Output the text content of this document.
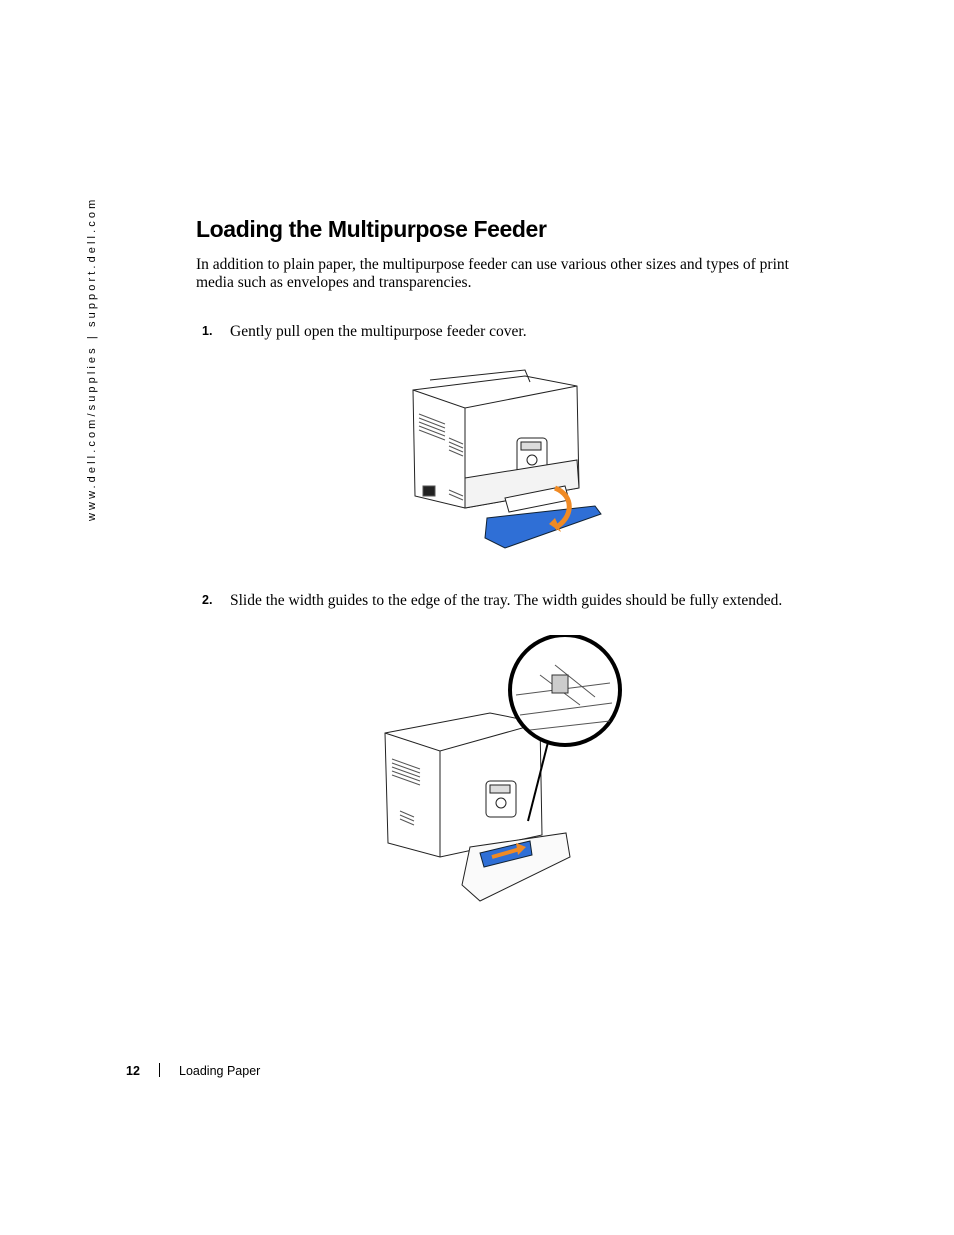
www.dell.com/supplies | support.dell.com	Loading the Multipurpose Feeder

In addition to plain paper, the multipurpose feeder can use various other sizes and types of print media such as envelopes and transparencies.

1. Gently pull open the multipurpose feeder cover.
2. Slide the width guides to the edge of the tray. The width guides should be fully extended.
12	Loading Paper
